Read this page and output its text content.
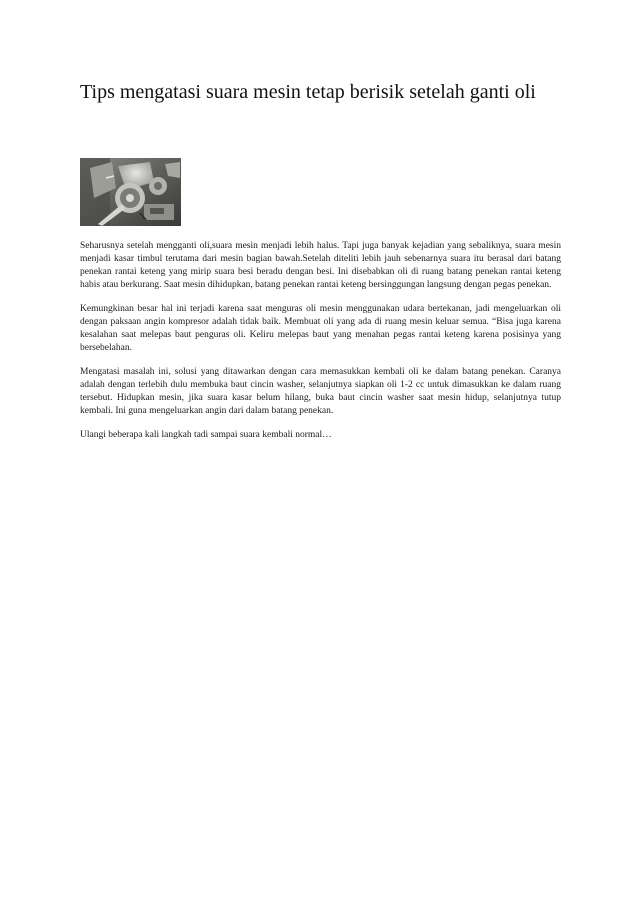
Tips mengatasi suara mesin tetap berisik setelah ganti oli

Seharusnya setelah mengganti oli,suara mesin menjadi lebih halus. Tapi juga banyak kejadian yang sebaliknya, suara mesin menjadi kasar timbul terutama dari mesin bagian bawah.Setelah diteliti lebih jauh sebenarnya suara itu berasal dari batang penekan rantai keteng yang mirip suara besi beradu dengan besi. Ini disebabkan oli di ruang batang penekan rantai keteng habis atau berkurang. Saat mesin dihidupkan, batang penekan rantai keteng bersinggungan langsung dengan pegas penekan.

Kemungkinan besar hal ini terjadi karena saat menguras oli mesin menggunakan udara bertekanan, jadi mengeluarkan oli dengan paksaan angin kompresor adalah tidak baik. Membuat oli yang ada di ruang mesin keluar semua. “Bisa juga karena kesalahan saat melepas baut penguras oli. Keliru melepas baut yang menahan pegas rantai keteng karena posisinya yang bersebelahan.

Mengatasi masalah ini, solusi yang ditawarkan dengan cara memasukkan kembali oli ke dalam batang penekan. Caranya adalah dengan terlebih dulu membuka baut cincin washer, selanjutnya siapkan oli 1-2 cc untuk dimasukkan ke dalam ruang tersebut. Hidupkan mesin, jika suara kasar belum hilang, buka baut cincin washer saat mesin hidup, selanjutnya tutup kembali. Ini guna mengeluarkan angin dari dalam batang penekan.

Ulangi beberapa kali langkah tadi sampai suara kembali normal…
